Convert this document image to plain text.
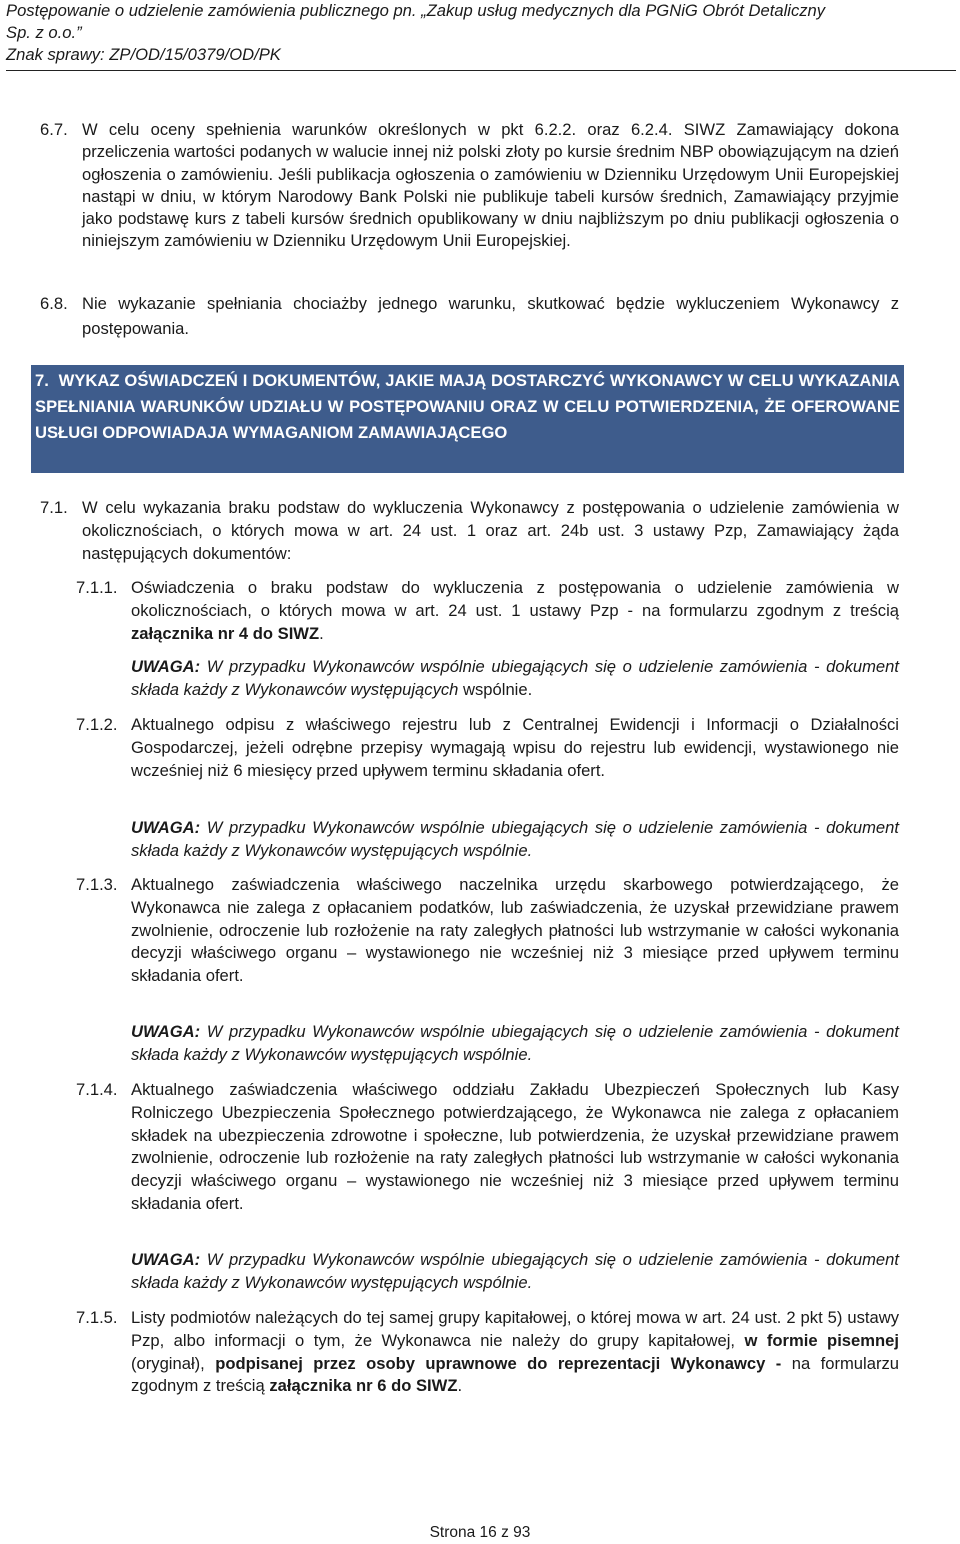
Postępowanie o udzielenie zamówienia publicznego pn. „Zakup usług medycznych dla PGNiG Obrót Detaliczny
Sp. z o.o.”
Znak sprawy: ZP/OD/15/0379/OD/PK
6.7. W celu oceny spełnienia warunków określonych w pkt 6.2.2. oraz 6.2.4. SIWZ Zamawiający dokona przeliczenia wartości podanych w walucie innej niż polski złoty po kursie średnim NBP obowiązującym na dzień ogłoszenia o zamówieniu. Jeśli publikacja ogłoszenia o zamówieniu w Dzienniku Urzędowym Unii Europejskiej nastąpi w dniu, w którym Narodowy Bank Polski nie publikuje tabeli kursów średnich, Zamawiający przyjmie jako podstawę kurs z tabeli kursów średnich opublikowany w dniu najbliższym po dniu publikacji ogłoszenia o niniejszym zamówieniu w Dzienniku Urzędowym Unii Europejskiej.
6.8. Nie wykazanie spełniania chociażby jednego warunku, skutkować będzie wykluczeniem Wykonawcy z postępowania.
7. WYKAZ OŚWIADCZEŃ I DOKUMENTÓW, JAKIE MAJĄ DOSTARCZYĆ WYKONAWCY W CELU WYKAZANIA SPEŁNIANIA WARUNKÓW UDZIAŁU W POSTĘPOWANIU ORAZ W CELU POTWIERDZENIA, ŻE OFEROWANE USŁUGI ODPOWIADAJA WYMAGANIOM ZAMAWIAJĄCEGO
7.1. W celu wykazania braku podstaw do wykluczenia Wykonawcy z postępowania o udzielenie zamówienia w okolicznościach, o których mowa w art. 24 ust. 1 oraz art. 24b ust. 3 ustawy Pzp, Zamawiający żąda następujących dokumentów:
7.1.1. Oświadczenia o braku podstaw do wykluczenia z postępowania o udzielenie zamówienia w okolicznościach, o których mowa w art. 24 ust. 1 ustawy Pzp - na formularzu zgodnym z treścią załącznika nr 4 do SIWZ.
UWAGA: W przypadku Wykonawców wspólnie ubiegających się o udzielenie zamówienia - dokument składa każdy z Wykonawców występujących wspólnie.
7.1.2. Aktualnego odpisu z właściwego rejestru lub z Centralnej Ewidencji i Informacji o Działalności Gospodarczej, jeżeli odrębne przepisy wymagają wpisu do rejestru lub ewidencji, wystawionego nie wcześniej niż 6 miesięcy przed upływem terminu składania ofert.
UWAGA: W przypadku Wykonawców wspólnie ubiegających się o udzielenie zamówienia - dokument składa każdy z Wykonawców występujących wspólnie.
7.1.3. Aktualnego zaświadczenia właściwego naczelnika urzędu skarbowego potwierdzającego, że Wykonawca nie zalega z opłacaniem podatków, lub zaświadczenia, że uzyskał przewidziane prawem zwolnienie, odroczenie lub rozłożenie na raty zaległych płatności lub wstrzymanie w całości wykonania decyzji właściwego organu – wystawionego nie wcześniej niż 3 miesiące przed upływem terminu składania ofert.
UWAGA: W przypadku Wykonawców wspólnie ubiegających się o udzielenie zamówienia - dokument składa każdy z Wykonawców występujących wspólnie.
7.1.4. Aktualnego zaświadczenia właściwego oddziału Zakładu Ubezpieczeń Społecznych lub Kasy Rolniczego Ubezpieczenia Społecznego potwierdzającego, że Wykonawca nie zalega z opłacaniem składek na ubezpieczenia zdrowotne i społeczne, lub potwierdzenia, że uzyskał przewidziane prawem zwolnienie, odroczenie lub rozłożenie na raty zaległych płatności lub wstrzymanie w całości wykonania decyzji właściwego organu – wystawionego nie wcześniej niż 3 miesiące przed upływem terminu składania ofert.
UWAGA: W przypadku Wykonawców wspólnie ubiegających się o udzielenie zamówienia - dokument składa każdy z Wykonawców występujących wspólnie.
7.1.5. Listy podmiotów należących do tej samej grupy kapitałowej, o której mowa w art. 24 ust. 2 pkt 5) ustawy Pzp, albo informacji o tym, że Wykonawca nie należy do grupy kapitałowej, w formie pisemnej (oryginał), podpisanej przez osoby uprawnowe do reprezentacji Wykonawcy - na formularzu zgodnym z treścią załącznika nr 6 do SIWZ.
Strona 16 z 93
